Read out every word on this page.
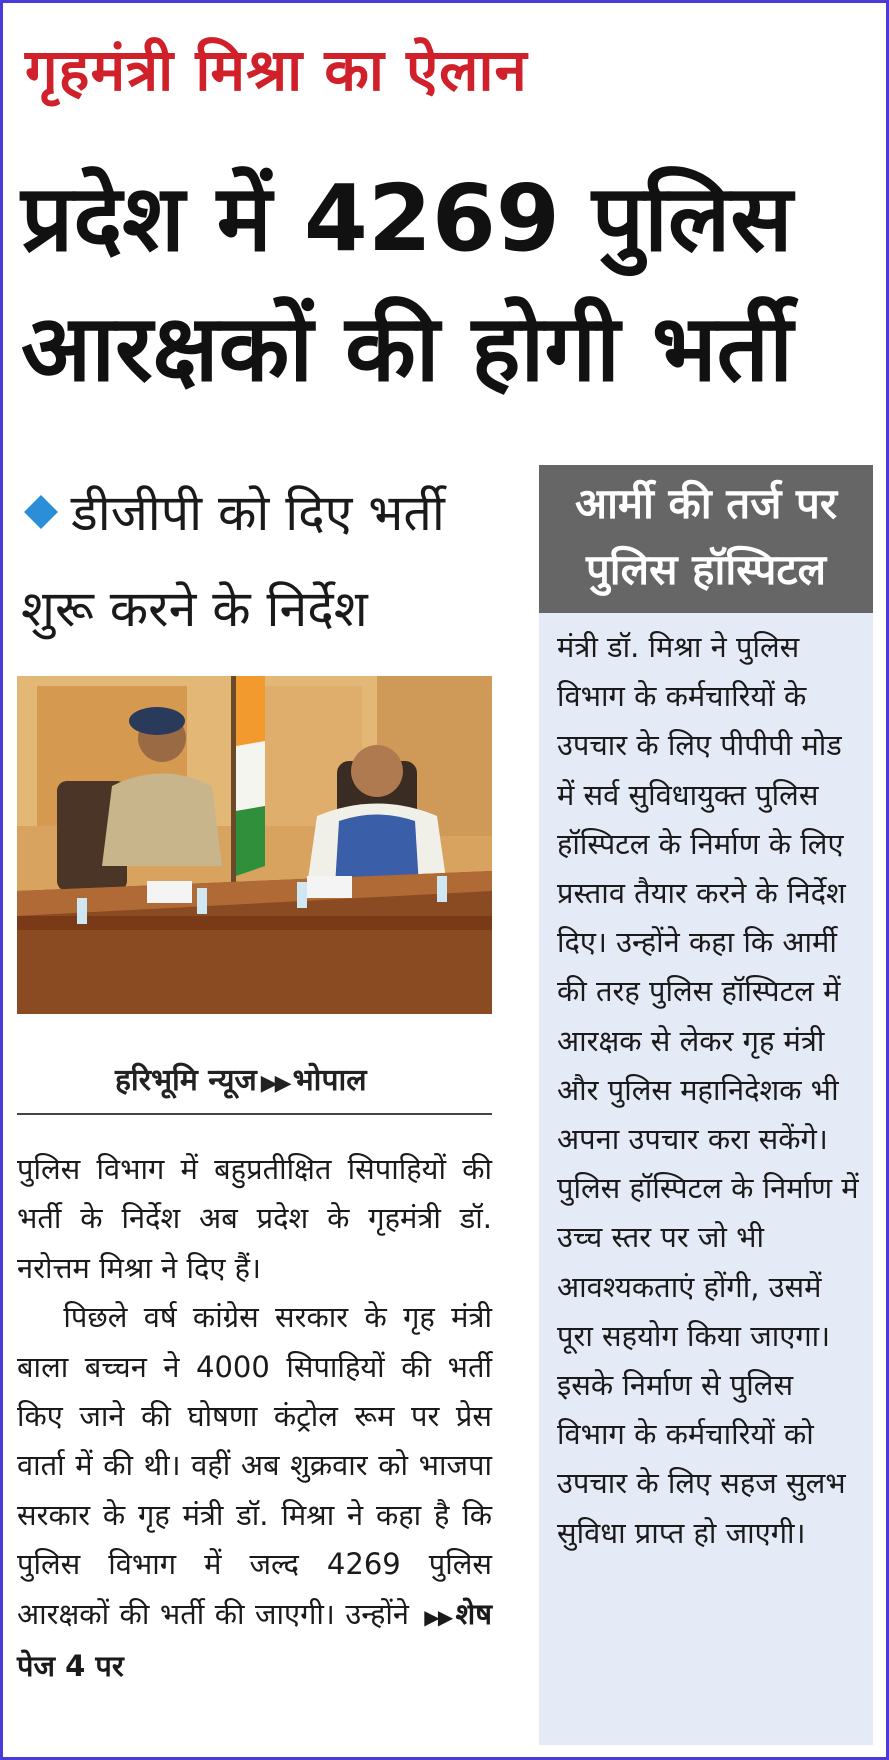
गृहमंत्री मिश्रा का ऐलान
प्रदेश में 4269 पुलिस
आरक्षकों की होगी भर्ती
डीजीपी को दिए भर्ती
शुरू करने के निर्देश
हरिभूमि न्यूज ▶▶ भोपाल

पुलिस विभाग में बहुप्रतीक्षित सिपाहियों की भर्ती के निर्देश अब प्रदेश के गृहमंत्री डॉ. नरोत्तम मिश्रा ने दिए हैं।

पिछले वर्ष कांग्रेस सरकार के गृह मंत्री बाला बच्चन ने 4000 सिपाहियों की भर्ती किए जाने की घोषणा कंट्रोल रूम पर प्रेस वार्ता में की थी। वहीं अब शुक्रवार को भाजपा सरकार के गृह मंत्री डॉ. मिश्रा ने कहा है कि पुलिस विभाग में जल्द 4269 पुलिस आरक्षकों की भर्ती की जाएगी। उन्होंने ▶▶ शेष पेज 4 पर

आर्मी की तर्ज पर
पुलिस हॉस्पिटल
मंत्री डॉ. मिश्रा ने पुलिस विभाग के कर्मचारियों के उपचार के लिए पीपीपी मोड में सर्व सुविधायुक्त पुलिस हॉस्पिटल के निर्माण के लिए प्रस्ताव तैयार करने के निर्देश दिए। उन्होंने कहा कि आर्मी की तरह पुलिस हॉस्पिटल में आरक्षक से लेकर गृह मंत्री और पुलिस महानिदेशक भी अपना उपचार करा सकेंगे। पुलिस हॉस्पिटल के निर्माण में उच्च स्तर पर जो भी आवश्यकताएं होंगी, उसमें पूरा सहयोग किया जाएगा। इसके निर्माण से पुलिस विभाग के कर्मचारियों को उपचार के लिए सहज सुलभ सुविधा प्राप्त हो जाएगी।
